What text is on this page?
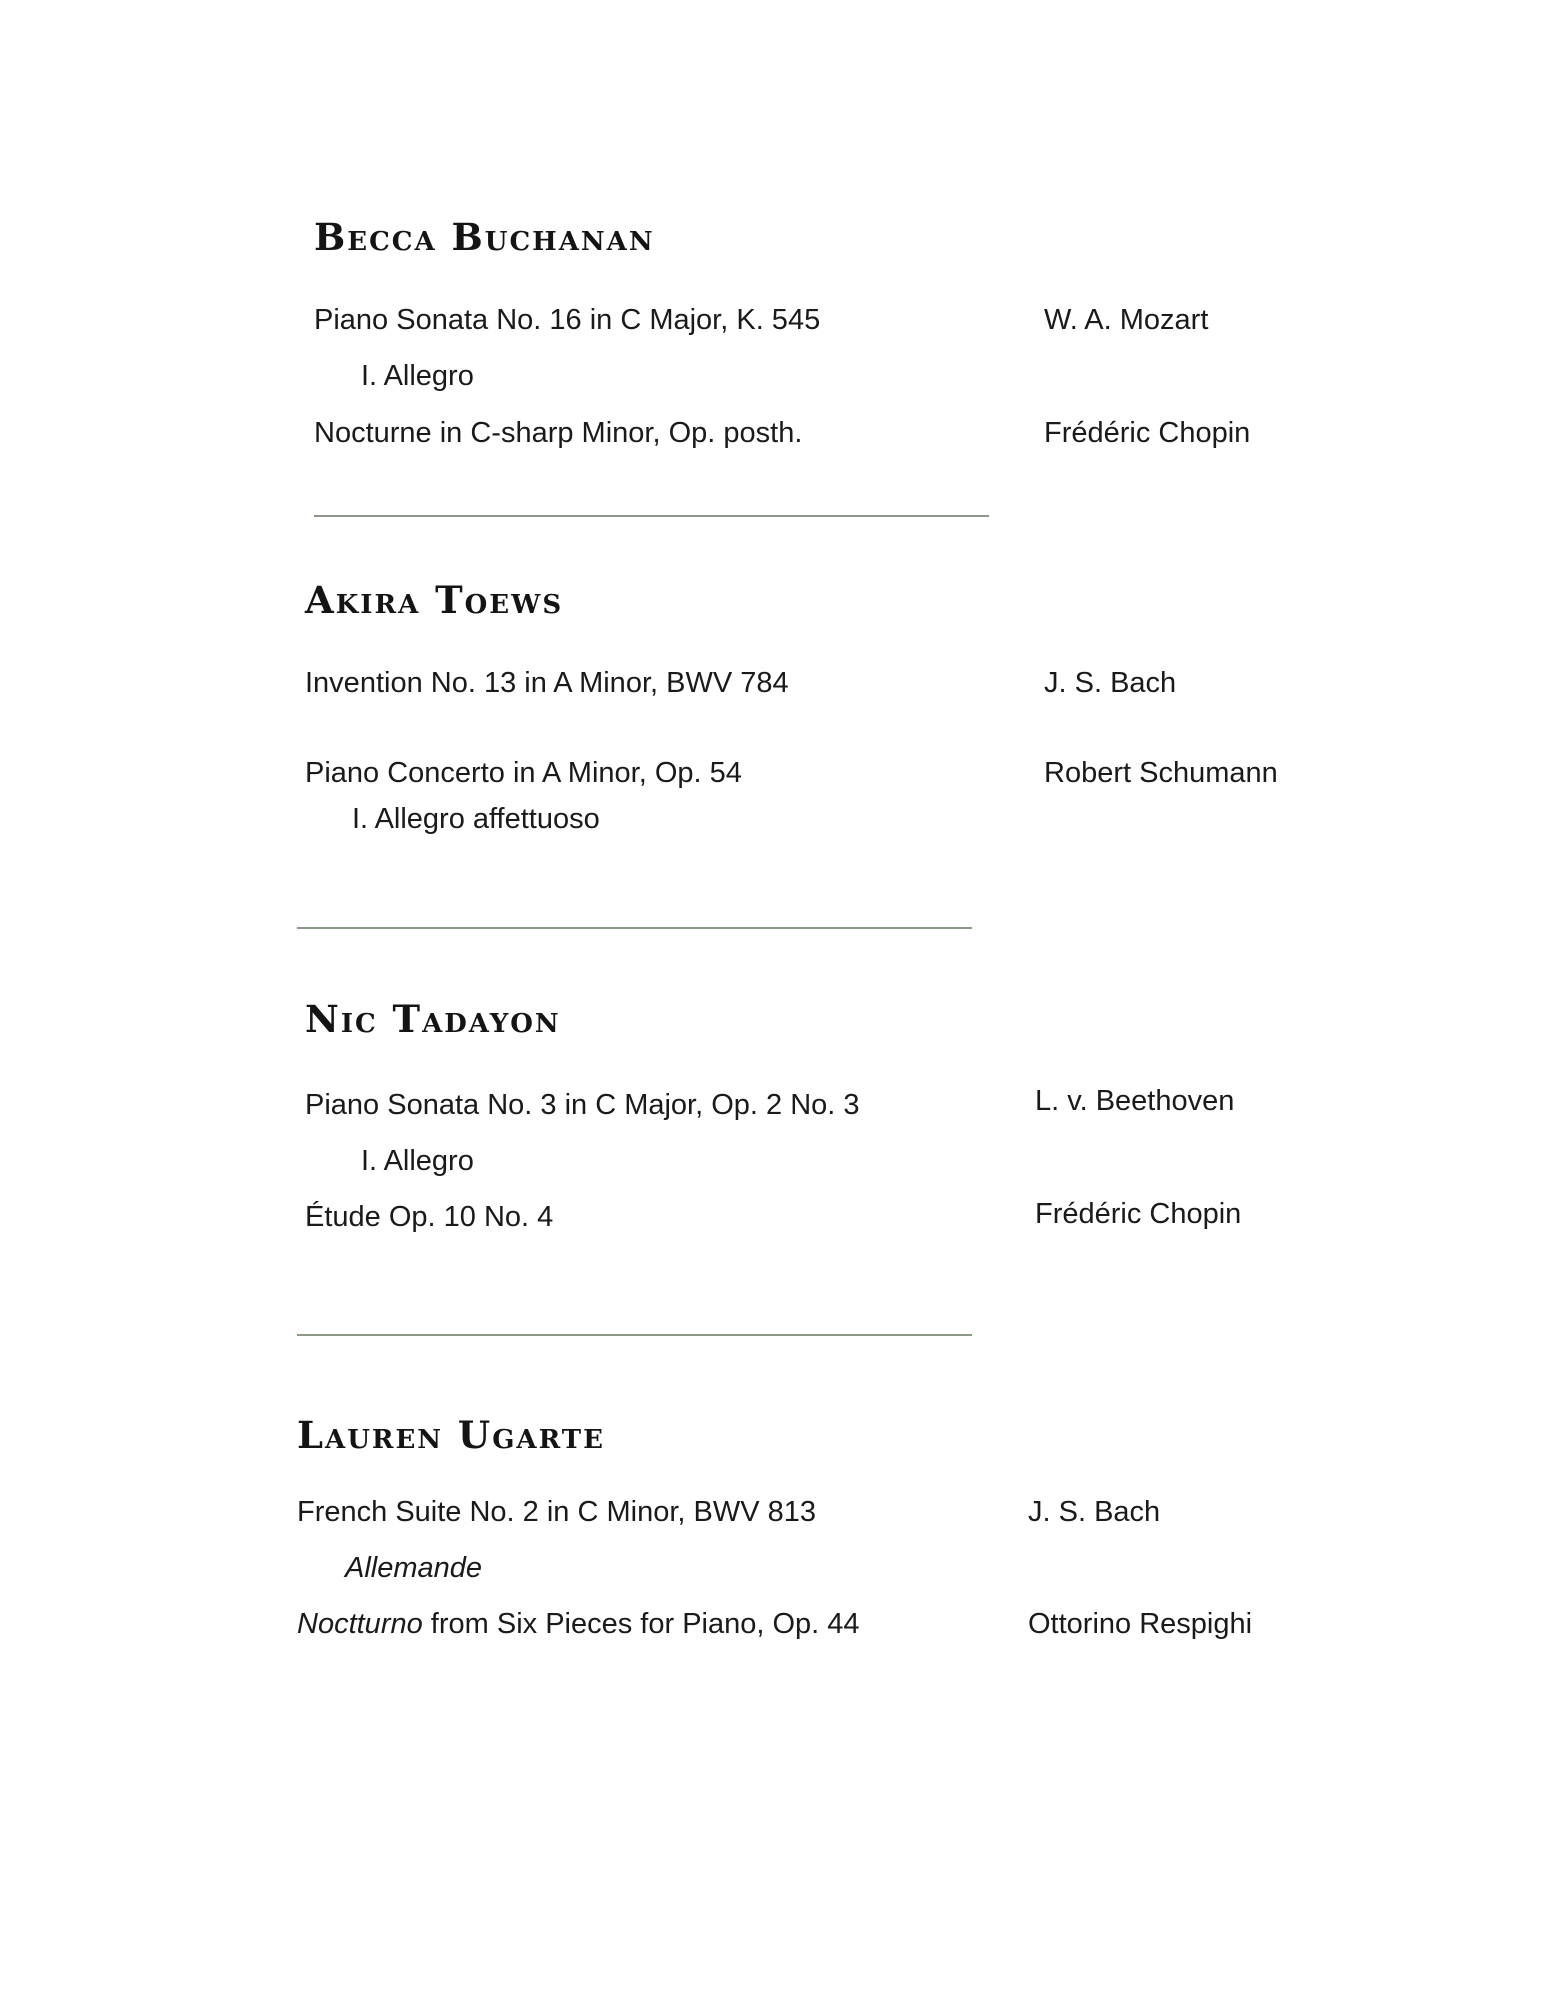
Becca Buchanan
Piano Sonata No. 16 in C Major, K. 545	W. A. Mozart
I. Allegro
Nocturne in C-sharp Minor, Op. posth.	Frédéric Chopin
Akira Toews
Invention No. 13 in A Minor, BWV 784	J. S. Bach
Piano Concerto in A Minor, Op. 54	Robert Schumann
I. Allegro affettuoso
Nic Tadayon
Piano Sonata No. 3 in C Major, Op. 2 No. 3	L. v. Beethoven
I. Allegro
Étude Op. 10 No. 4	Frédéric Chopin
Lauren Ugarte
French Suite No. 2 in C Minor, BWV 813	J. S. Bach
Allemande
Noctturno from Six Pieces for Piano, Op. 44	Ottorino Respighi
